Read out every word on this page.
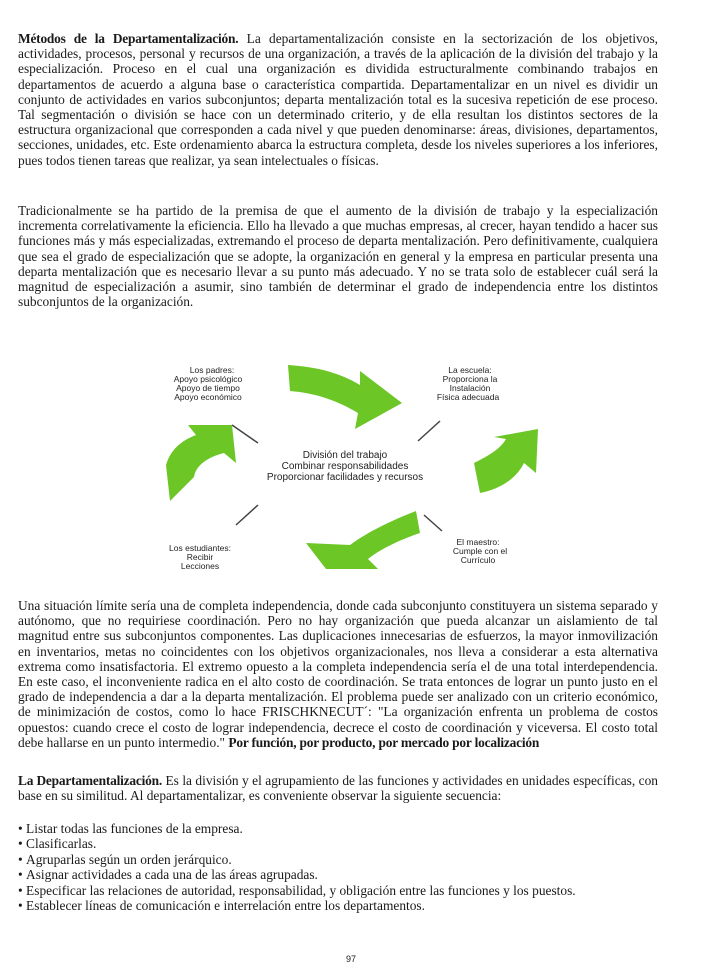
Métodos de la Departamentalización. La departamentalización consiste en la sectorización de los objetivos, actividades, procesos, personal y recursos de una organización, a través de la aplicación de la división del trabajo y la especialización. Proceso en el cual una organización es dividida estructuralmente combinando trabajos en departamentos de acuerdo a alguna base o característica compartida. Departamentalizar en un nivel es dividir un conjunto de actividades en varios subconjuntos; departa mentalización total es la sucesiva repetición de ese proceso. Tal segmentación o división se hace con un determinado criterio, y de ella resultan los distintos sectores de la estructura organizacional que corresponden a cada nivel y que pueden denominarse: áreas, divisiones, departamentos, secciones, unidades, etc. Este ordenamiento abarca la estructura completa, desde los niveles superiores a los inferiores, pues todos tienen tareas que realizar, ya sean intelectuales o físicas.

Tradicionalmente se ha partido de la premisa de que el aumento de la división de trabajo y la especialización incrementa correlativamente la eficiencia. Ello ha llevado a que muchas empresas, al crecer, hayan tendido a hacer sus funciones más y más especializadas, extremando el proceso de departa mentalización. Pero definitivamente, cualquiera que sea el grado de especialización que se adopte, la organización en general y la empresa en particular presenta una departa mentalización que es necesario llevar a su punto más adecuado. Y no se trata solo de establecer cuál será la magnitud de especialización a asumir, sino también de determinar el grado de independencia entre los distintos subconjuntos de la organización.

División del trabajo
Combinar responsabilidades
Proporcionar facilidades y recursos
Los padres:
Apoyo psicológico
Apoyo de tiempo
Apoyo económico
La escuela:
Proporciona la
Instalación
Física adecuada
Los estudiantes:
Recibir
Lecciones
El maestro:
Cumple con el
Currículo

Una situación límite sería una de completa independencia, donde cada subconjunto constituyera un sistema separado y autónomo, que no requiriese coordinación. Pero no hay organización que pueda alcanzar un aislamiento de tal magnitud entre sus subconjuntos componentes. Las duplicaciones innecesarias de esfuerzos, la mayor inmovilización en inventarios, metas no coincidentes con los objetivos organizacionales, nos lleva a considerar a esta alternativa extrema como insatisfactoria. El extremo opuesto a la completa independencia sería el de una total interdependencia. En este caso, el inconveniente radica en el alto costo de coordinación. Se trata entonces de lograr un punto justo en el grado de independencia a dar a la departa mentalización. El problema puede ser analizado con un criterio económico, de minimización de costos, como lo hace FRISCHKNECUT´: "La organización enfrenta un problema de costos opuestos: cuando crece el costo de lograr independencia, decrece el costo de coordinación y viceversa. El costo total debe hallarse en un punto intermedio." Por función, por producto, por mercado por localización

La Departamentalización. Es la división y el agrupamiento de las funciones y actividades en unidades específicas, con base en su similitud. Al departamentalizar, es conveniente observar la siguiente secuencia:

• Listar todas las funciones de la empresa.
• Clasificarlas.
• Agruparlas según un orden jerárquico.
• Asignar actividades a cada una de las áreas agrupadas.
• Especificar las relaciones de autoridad, responsabilidad, y obligación entre las funciones y los puestos.
• Establecer líneas de comunicación e interrelación entre los departamentos.
97
